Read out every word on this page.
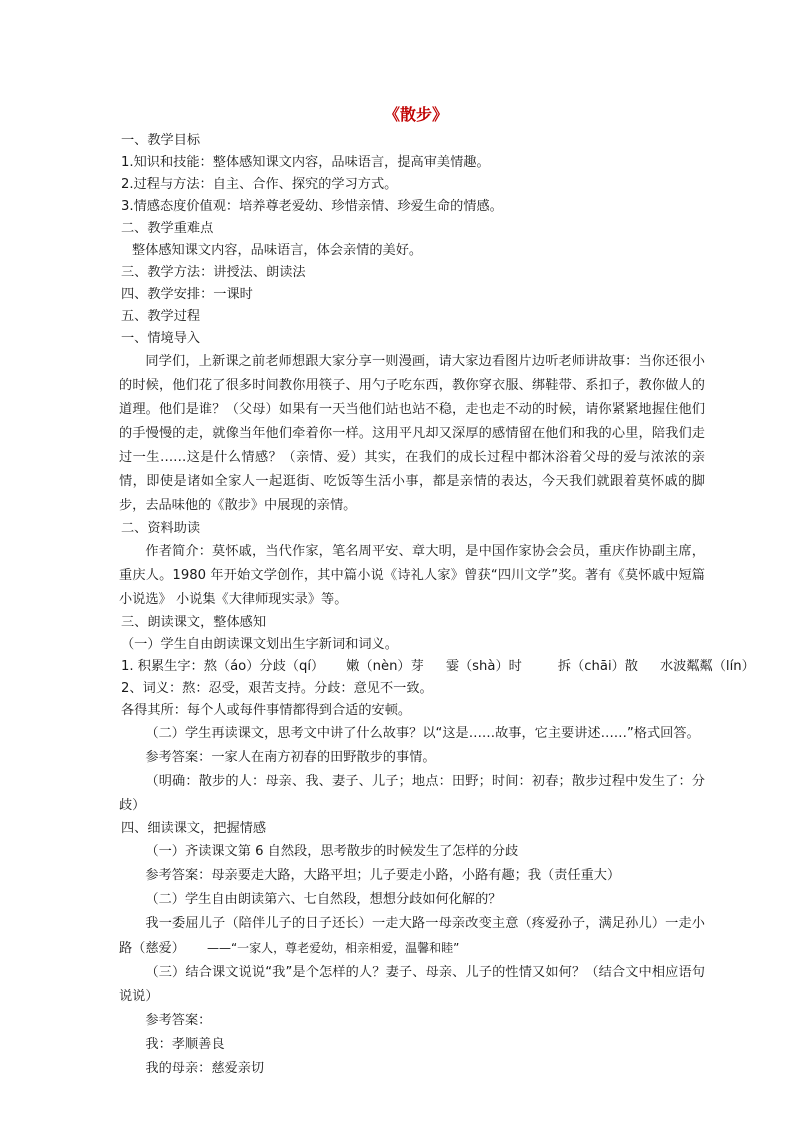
《散步》
一、教学目标
1.知识和技能：整体感知课文内容，品味语言，提高审美情趣。
2.过程与方法：自主、合作、探究的学习方式。
3.情感态度价值观：培养尊老爱幼、珍惜亲情、珍爱生命的情感。
二、教学重难点
整体感知课文内容，品味语言，体会亲情的美好。
三、教学方法：讲授法、朗读法
四、教学安排：一课时
五、教学过程
一、情境导入
同学们，上新课之前老师想跟大家分享一则漫画，请大家边看图片边听老师讲故事：当你还很小的时候，他们花了很多时间教你用筷子、用勺子吃东西，教你穿衣服、绑鞋带、系扣子，教你做人的道理。他们是谁？（父母）如果有一天当他们站也站不稳，走也走不动的时候，请你紧紧地握住他们的手慢慢的走，就像当年他们牵着你一样。这用平凡却又深厚的感情留在他们和我的心里，陪我们走过一生……这是什么情感？（亲情、爱）其实，在我们的成长过程中都沐浴着父母的爱与浓浓的亲情，即使是诸如全家人一起逛街、吃饭等生活小事，都是亲情的表达，今天我们就跟着莫怀戚的脚步，去品味他的《散步》中展现的亲情。
二、资料助读
作者简介：莫怀戚，当代作家，笔名周平安、章大明，是中国作家协会会员，重庆作协副主席，重庆人。1980 年开始文学创作，其中篇小说《诗礼人家》曾获“四川文学”奖。著有《莫怀戚中短篇小说选》 小说集《大律师现实录》等。
三、朗读课文，整体感知
（一）学生自由朗读课文划出生字新词和词义。
1. 积累生字：熬（áo）分歧（qí） 嫩（nèn）芽 霎（shà）时	拆（chāi）散 水波粼粼（lín）
2、词义：熬：忍受，艰苦支持。分歧：意见不一致。
各得其所：每个人或每件事情都得到合适的安顿。
（二）学生再读课文，思考文中讲了什么故事？以“这是……故事，它主要讲述……”格式回答。
参考答案：一家人在南方初春的田野散步的事情。
（明确：散步的人：母亲、我、妻子、儿子；地点：田野；时间：初春；散步过程中发生了：分歧）
四、细读课文，把握情感
（一）齐读课文第 6 自然段，思考散步的时候发生了怎样的分歧
参考答案：母亲要走大路，大路平坦；儿子要走小路，小路有趣；我（责任重大）
（二）学生自由朗读第六、七自然段，想想分歧如何化解的？
我一委屈儿子（陪伴儿子的日子还长）一走大路一母亲改变主意（疼爱孙子，满足孙儿）一走小路（慈爱） ——“一家人，尊老爱幼，相亲相爱，温馨和睦”
（三）结合课文说说“我”是个怎样的人？妻子、母亲、儿子的性情又如何？（结合文中相应语句说说）
参考答案：
我：孝顺善良
我的母亲：慈爱亲切
